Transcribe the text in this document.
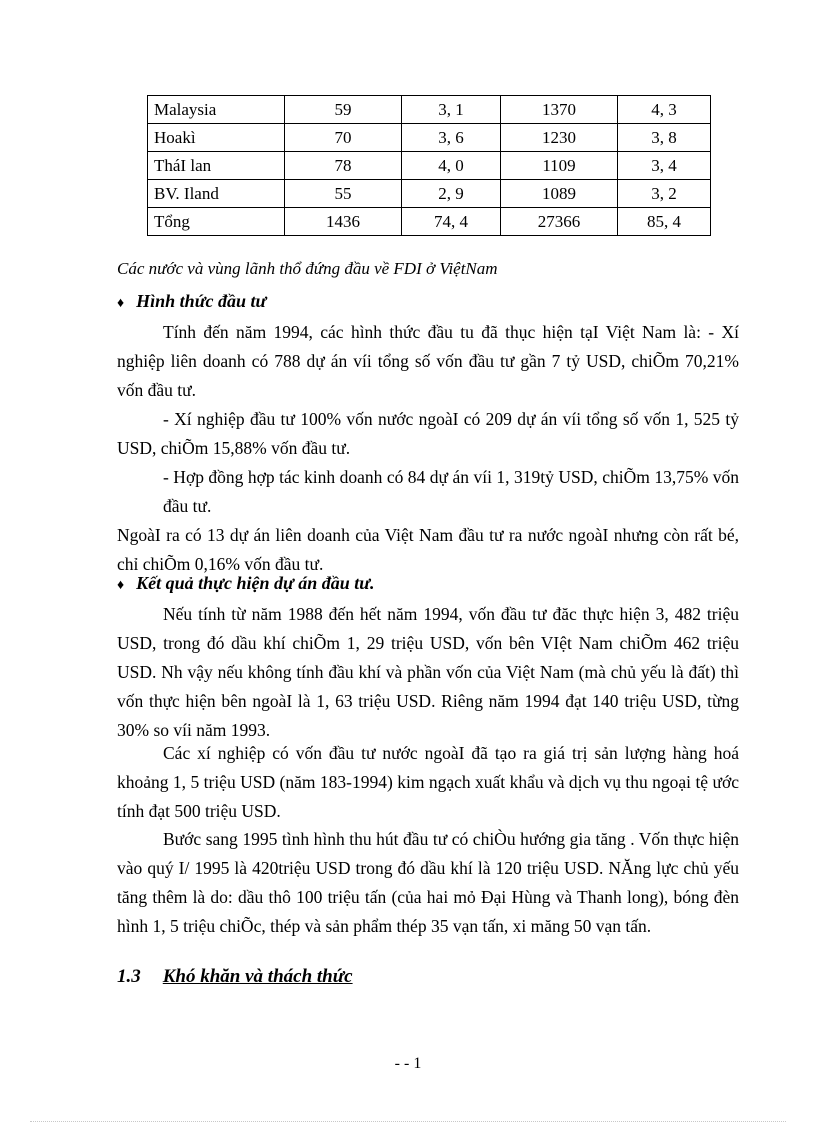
Malaysia	59	3, 1	1370	4, 3
Hoakì	70	3, 6	1230	3, 8
TháI lan	78	4, 0	1109	3, 4
BV. Iland	55	2, 9	1089	3, 2
Tổng	1436	74, 4	27366	85, 4
Các nước và vùng lãnh thổ đứng đầu về FDI ở ViệtNam
♦ Hình thức đầu tư

Tính đến năm 1994, các hình thức đầu tu đã thục hiện tạI Việt Nam là: - Xí nghiệp liên doanh có 788 dự án víi tổng số vốn đầu tư gần 7 tỷ USD, chiÕm 70,21% vốn đầu tư.

- Xí nghiệp đầu tư 100% vốn nước ngoàI có 209 dự án víi tổng số vốn 1, 525 tỷ USD, chiÕm 15,88% vốn đầu tư.

- Hợp đồng hợp tác kinh doanh có 84 dự án víi 1, 319tỷ USD, chiÕm 13,75% vốn đầu tư.

NgoàI ra có 13 dự án liên doanh của Việt Nam đầu tư ra nước ngoàI nhưng còn rất bé, chỉ chiÕm 0,16% vốn đầu tư.

♦ Kết quả thực hiện dự án đầu tư.

Nếu tính từ năm 1988 đến hết năm 1994, vốn đầu tư đăc thực hiện 3, 482 triệu USD, trong đó dầu khí chiÕm 1, 29 triệu USD, vốn bên VIệt Nam chiÕm 462 triệu USD. Nh vậy nếu không tính đầu khí và phần vốn của Việt Nam (mà chủ yếu là đất) thì vốn thực hiện bên ngoàI là 1, 63 triệu USD. Riêng năm 1994 đạt 140 triệu USD, từng 30% so víi năm 1993.

Các xí nghiệp có vốn đầu tư nước ngoàI đã tạo ra giá trị sản lượng hàng hoá khoảng 1, 5 triệu USD (năm 183-1994) kim ngạch xuất khẩu và dịch vụ thu ngoại tệ ước tính đạt 500 triệu USD.

Bước sang 1995 tình hình thu hút đầu tư có chiÒu hướng gia tăng . Vốn thực hiện vào quý I/ 1995 là 420triệu USD trong đó dầu khí là 120 triệu USD. NĂng lực chủ yếu tăng thêm là do: dầu thô 100 triệu tấn (của hai mỏ Đại Hùng và Thanh long), bóng đèn hình 1, 5 triệu chiÕc, thép và sản phẩm thép 35 vạn tấn, xi măng 50 vạn tấn.

1.3 Khó khăn và thách thức
- - 1
